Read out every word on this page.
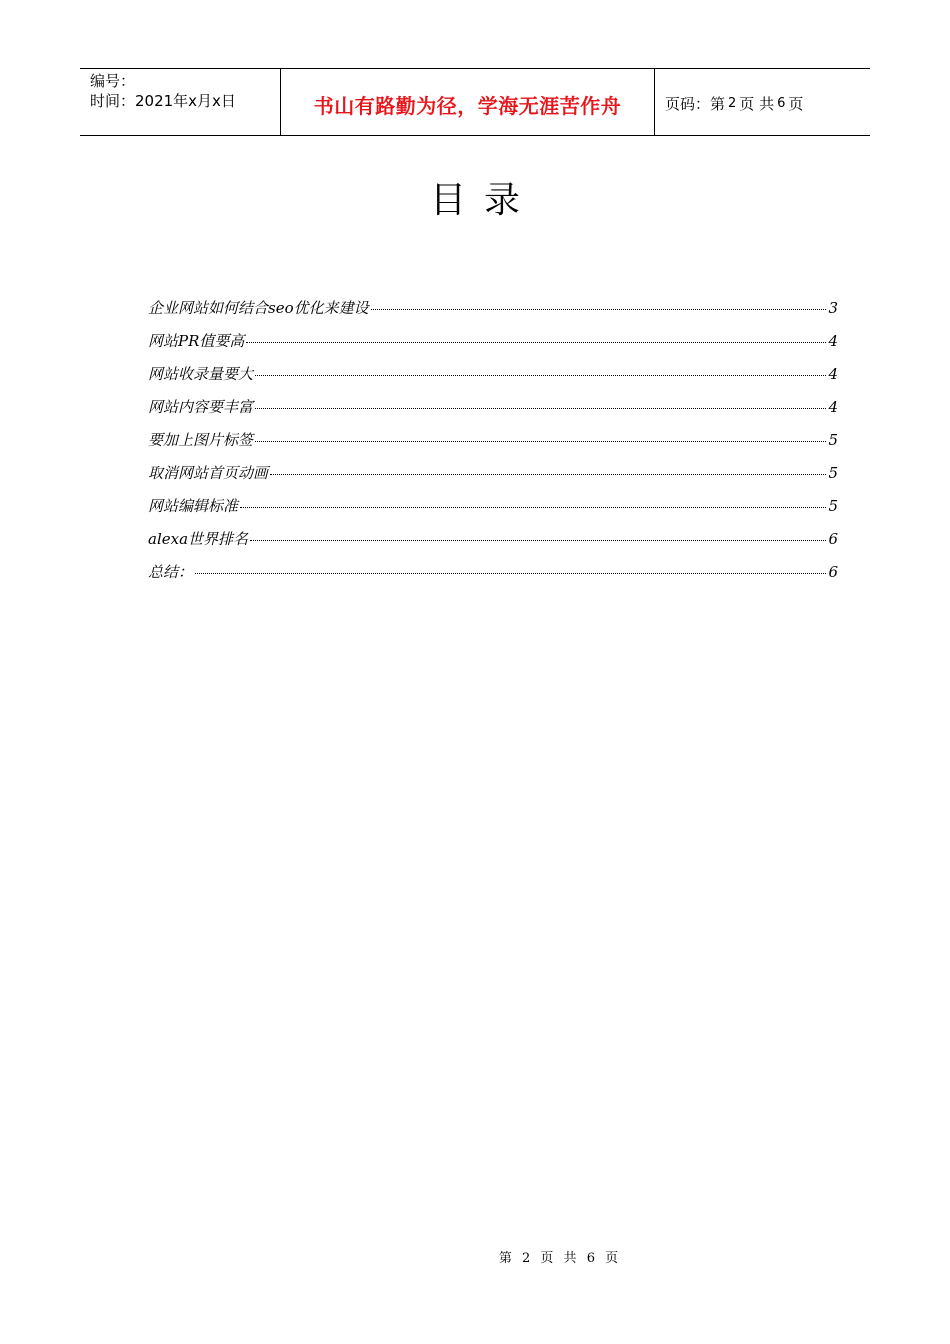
编号：
时间：2021年x月x日	书山有路勤为径，学海无涯苦作舟	页码：第 2 页 共 6 页
目录
企业网站如何结合seo优化来建设	3
网站PR值要高	4
网站收录量要大	4
网站内容要丰富	4
要加上图片标签	5
取消网站首页动画	5
网站编辑标准	5
alexa世界排名	6
总结：	6
第 2 页 共 6 页
